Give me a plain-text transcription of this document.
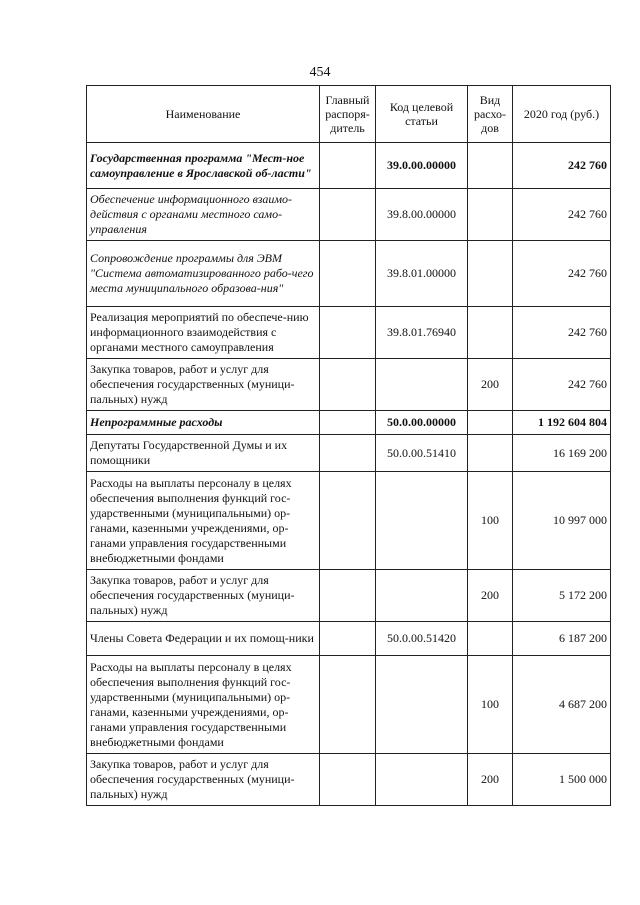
454
Наименование	Главный распоря-дитель	Код целевой статьи	Вид расхо-дов	2020 год (руб.)
Государственная программа "Мест-ное самоуправление в Ярославской об-ласти"		39.0.00.00000		242 760
Обеспечение информационного взаимо-действия с органами местного само-управления		39.8.00.00000		242 760
Сопровождение программы для ЭВМ "Система автоматизированного рабо-чего места муниципального образова-ния"		39.8.01.00000		242 760
Реализация мероприятий по обеспече-нию информационного взаимодействия с органами местного самоуправления		39.8.01.76940		242 760
Закупка товаров, работ и услуг для обеспечения государственных (муници-пальных) нужд			200	242 760
Непрограммные расходы		50.0.00.00000		1 192 604 804
Депутаты Государственной Думы и их помощники		50.0.00.51410		16 169 200
Расходы на выплаты персоналу в целях обеспечения выполнения функций гос-ударственными (муниципальными) ор-ганами, казенными учреждениями, ор-ганами управления государственными внебюджетными фондами			100	10 997 000
Закупка товаров, работ и услуг для обеспечения государственных (муници-пальных) нужд			200	5 172 200
Члены Совета Федерации и их помощ-ники		50.0.00.51420		6 187 200
Расходы на выплаты персоналу в целях обеспечения выполнения функций гос-ударственными (муниципальными) ор-ганами, казенными учреждениями, ор-ганами управления государственными внебюджетными фондами			100	4 687 200
Закупка товаров, работ и услуг для обеспечения государственных (муници-пальных) нужд			200	1 500 000
